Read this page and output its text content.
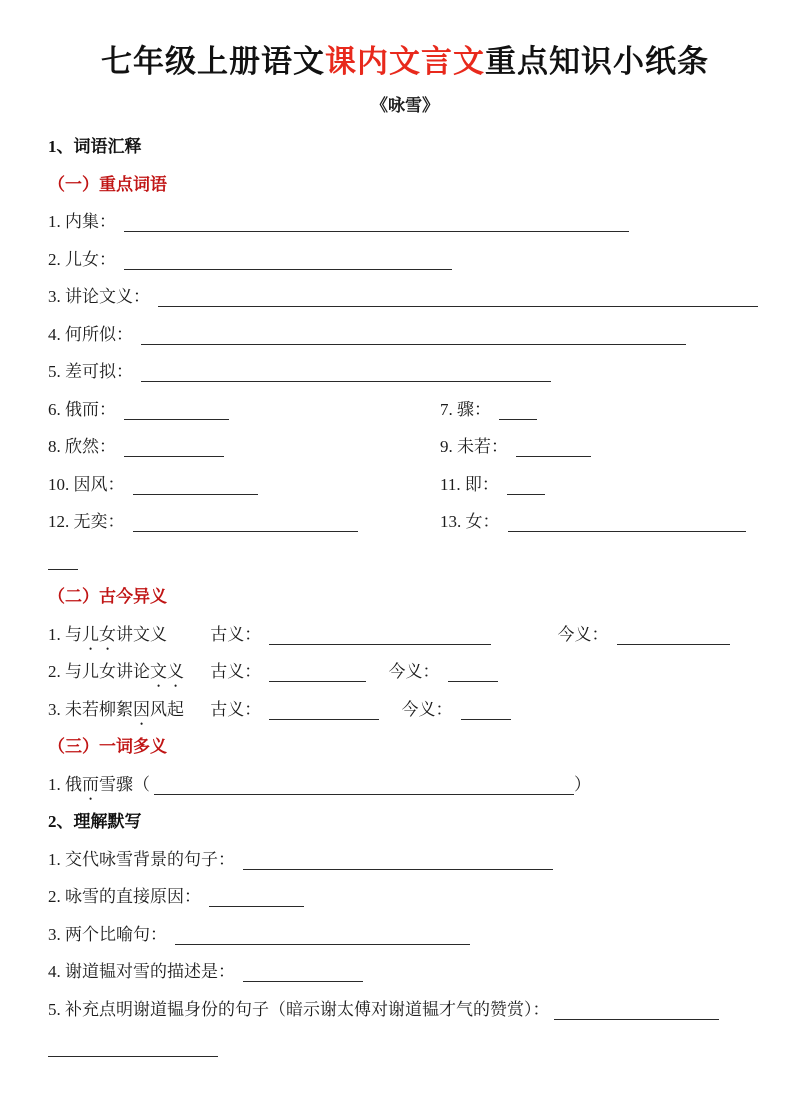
七年级上册语文课内文言文重点知识小纸条
《咏雪》
1、词语汇释
（一）重点词语
1. 内集：
2. 儿女：
3. 讲论文义：
4. 何所似：
5. 差可拟：
6. 俄而：	7. 骤：
8. 欣然：	9. 未若：
10. 因风：	11. 即：
12. 无奕：	13. 女：
（二）古今异义
1. 与儿女讲文义	古义：	今义：
2. 与儿女讲论文义 古义：	今义：
3. 未若柳絮因风起 古义：	今义：
（三）一词多义
1. 俄而雪骤（	）
2、理解默写
1. 交代咏雪背景的句子：
2. 咏雪的直接原因：
3. 两个比喻句：
4. 谢道韫对雪的描述是：
5. 补充点明谢道韫身份的句子（暗示谢太傅对谢道韫才气的赞赏）：
